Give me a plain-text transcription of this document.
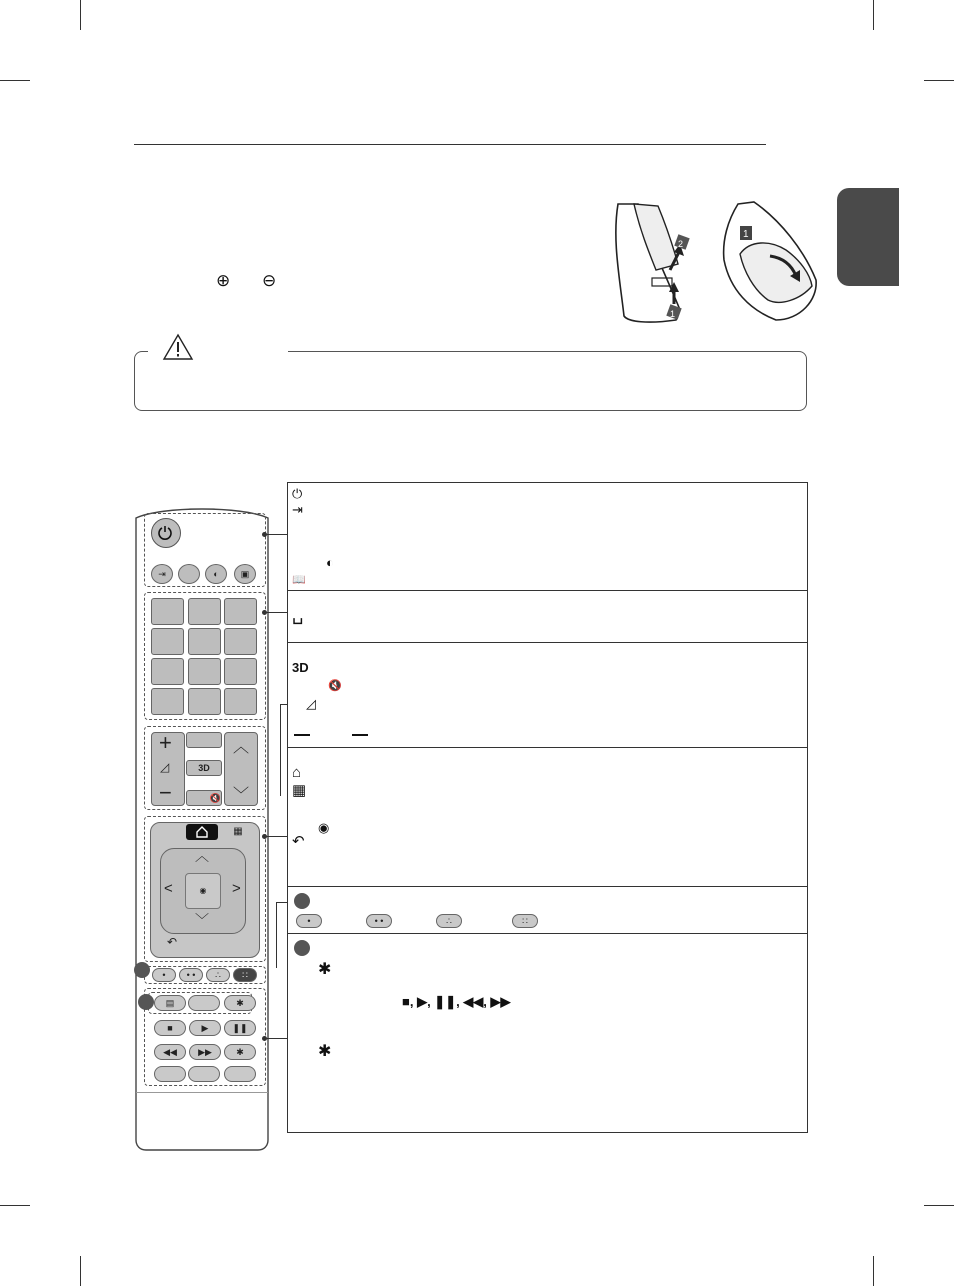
⊕ ⊖
2
1
1
⇥	◐	▣
+
◿
−
3D
🔇
︿
﹀
▦
◉
︿
﹀
<	>
↶
•	• •	∴	∷
▤	✱
■	▶	❚❚
◀◀	▶▶	✱
⏻
⇥
◐
📖
␣
3D
🔇
◿
⌂
▦
◉
↶
•	• •	∴	∷
✱
■, ▶, ❚❚, ◀◀, ▶▶
✱
